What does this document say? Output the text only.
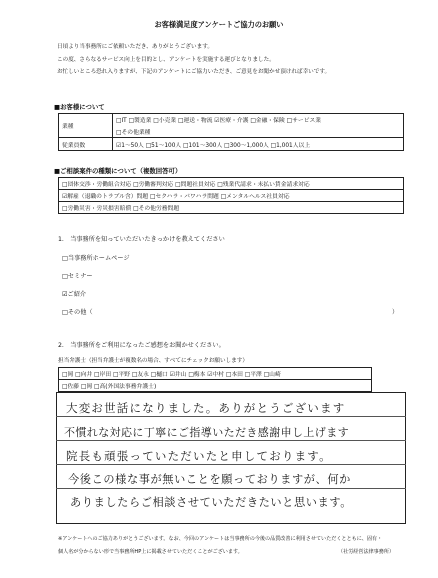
お客様満足度アンケートご協力のお願い
日頃より当事務所にご依頼いただき、ありがとうございます。
この度、さらなるサービス向上を目的とし、アンケートを実施する運びとなりました。
お忙しいところ恐れ入りますが、下記のアンケートにご協力いただき、ご意見をお聞かせ頂ければ幸いです。
■お客様について
業種	□IT □製造業 □小売業 □運送・物流 ☑医療・介護 □金融・保険 □サービス業
□その他業種

従業員数	☑1～50人 □51～100人 □101～300人 □300～1,000人 □1,001人以上
■ご相談案件の種類について（複数回答可）
□団体交渉・労働組合対応 □労働審判対応 □問題社員対応 □残業代請求・未払い賃金請求対応
☑解雇（退職のトラブル含）問題 □セクハラ・パワハラ問題 □メンタルヘルス社員対応
□労働災害・労災損害賠償 □その他労務問題
1.　当事務所を知っていただいたきっかけを教えてください
□当事務所ホームページ
□セミナー
☑ご紹介
□その他（	）
2.　当事務所をご利用になったご感想をお聞かせください。
担当弁護士（担当弁護士が複数名の場合、すべてにチェックお願いします）
□岡 □向井 □岸田 □平野 □友永 □樋口 ☑井山 □梅本 ☑中村 □本田 □平澤 □山崎
□佐藤 □岡 □高(外国法事務弁護士)
大変お世話になりました。ありがとうございます
不慣れな対応に丁寧にご指導いただき感謝申し上げます
院長も頑張っていただいたと申しております。
今後この様な事が無いことを願っておりますが、何か
ありましたらご相談させていただきたいと思います。
※アンケートへのご協力ありがとうございます。なお、今回のアンケートは当事務所の今後の品質改善に利用させていただくとともに、固有・
個人名が分からない形で当事務所HP上に掲載させていただくことがございます。	（社労経営法律事務所）
